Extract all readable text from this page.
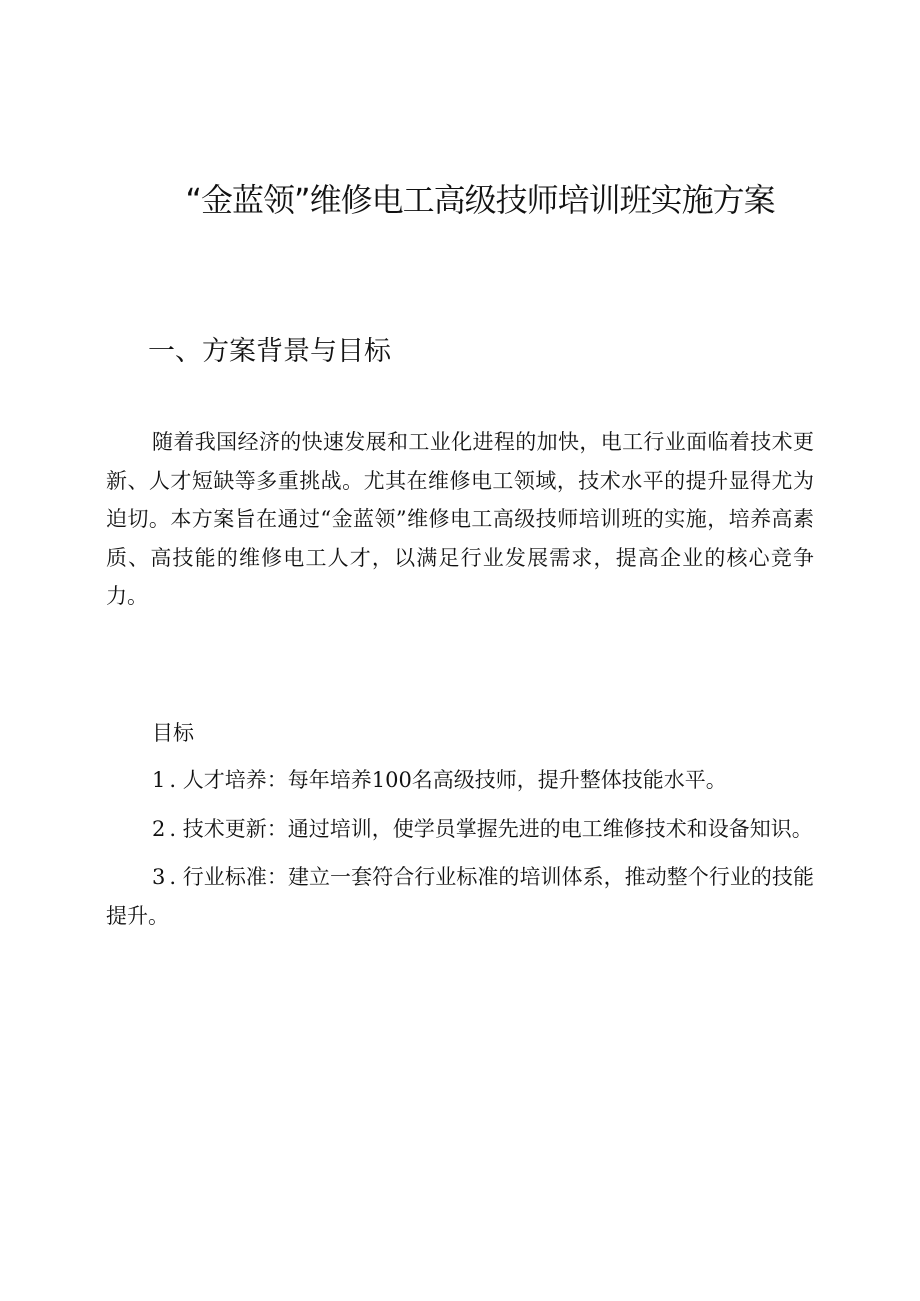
“金蓝领”维修电工高级技师培训班实施方案
一、方案背景与目标

随着我国经济的快速发展和工业化进程的加快，电工行业面临着技术更新、人才短缺等多重挑战。尤其在维修电工领域，技术水平的提升显得尤为迫切。本方案旨在通过“金蓝领”维修电工高级技师培训班的实施，培养高素质、高技能的维修电工人才，以满足行业发展需求，提高企业的核心竞争力。

目标

1 . 人才培养：每年培养100名高级技师，提升整体技能水平。
2 . 技术更新：通过培训，使学员掌握先进的电工维修技术和设备知识。
3 . 行业标准：建立一套符合行业标准的培训体系，推动整个行业的技能提升。
